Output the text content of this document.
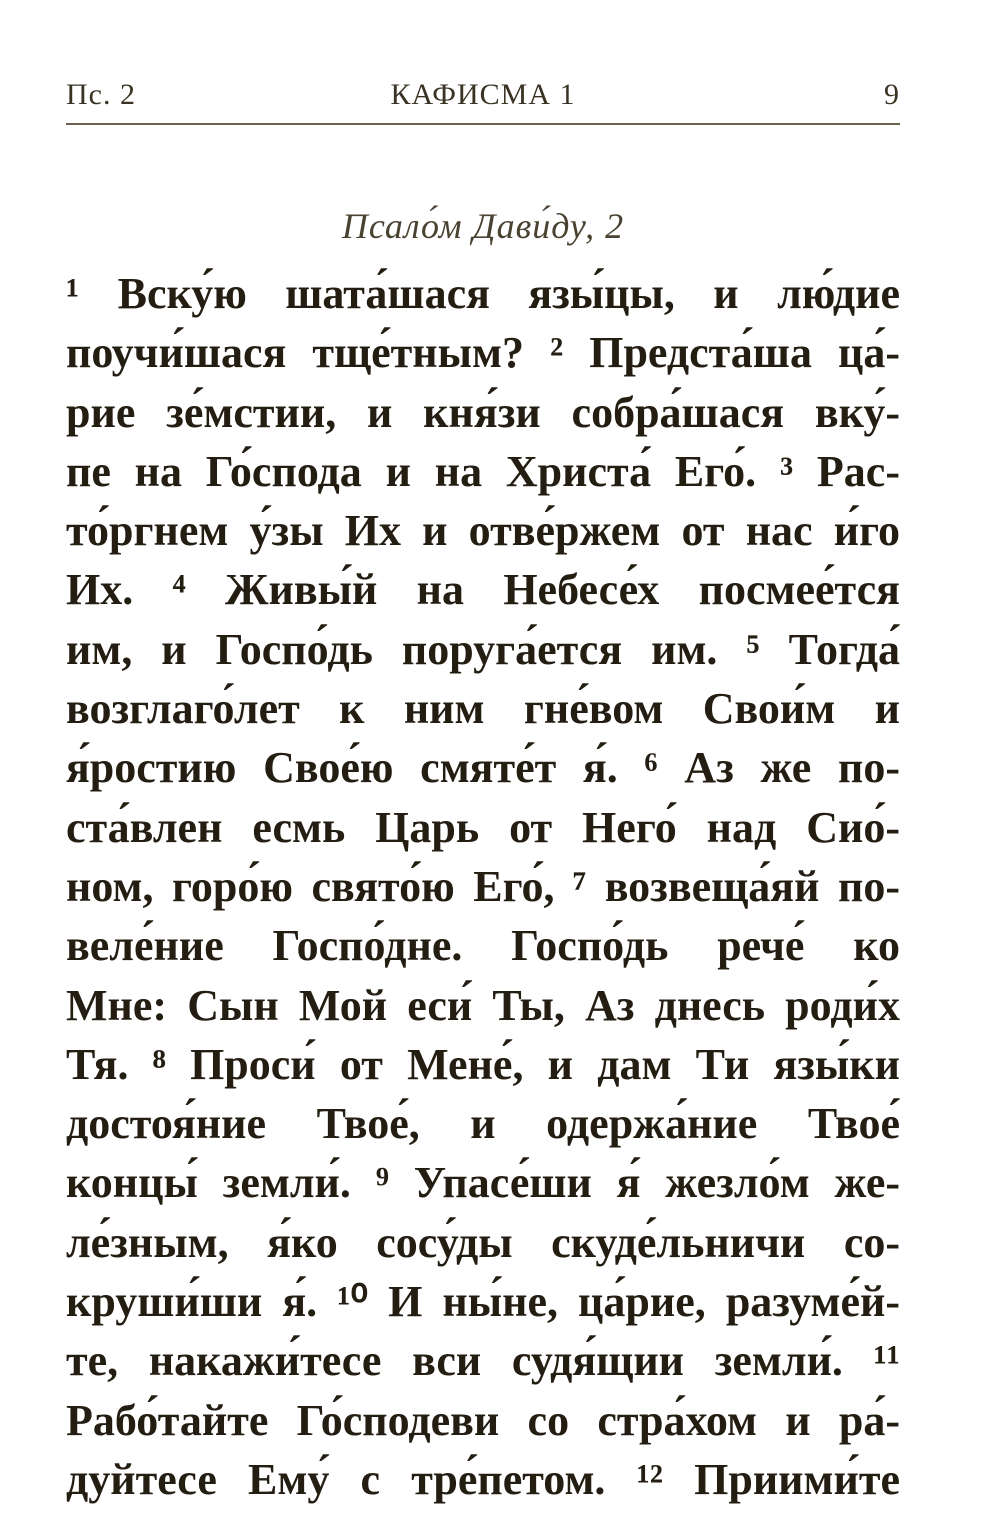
Пс. 2	КАФИСМА 1	9
Псало́м Дави́ду, 2
¹ Вску́ю шата́шася язы́цы, и лю́дие
поучи́шася тще́тным? ² Предста́ша ца́-
рие зе́мстии, и кня́зи собра́шася вку́-
пе на Го́спода и на Христа́ Его́. ³ Рас-
то́ргнем у́зы Их и отве́ржем от нас и́го
Их. ⁴ Живы́й на Небесе́х посмее́тся
им, и Госпо́дь поруга́ется им. ⁵ Тогда́
возглаго́лет к ним гне́вом Свои́м и
я́ростию Свое́ю смяте́т я́. ⁶ Аз же по-
ста́влен есмь Царь от Него́ над Сио́-
ном, горо́ю свято́ю Его́, ⁷ возвеща́яй по-
веле́ние Госпо́дне. Госпо́дь рече́ ко
Мне: Сын Мой еси́ Ты, Аз днесь роди́х
Тя. ⁸ Проси́ от Мене́, и дам Ти язы́ки
достоя́ние Твое́, и одержа́ние Твое́
концы́ земли́. ⁹ Упасе́ши я́ жезло́м же-
ле́зным, я́ко сосу́ды скуде́льничи со-
круши́ши я́. ¹⁰ И ны́не, ца́рие, разуме́й-
те, накажи́тесе вси судя́щии земли́. ¹¹
Рабо́тайте Го́сподеви со стра́хом и ра́-
дуйтесе Ему́ с тре́петом. ¹² Приими́те
